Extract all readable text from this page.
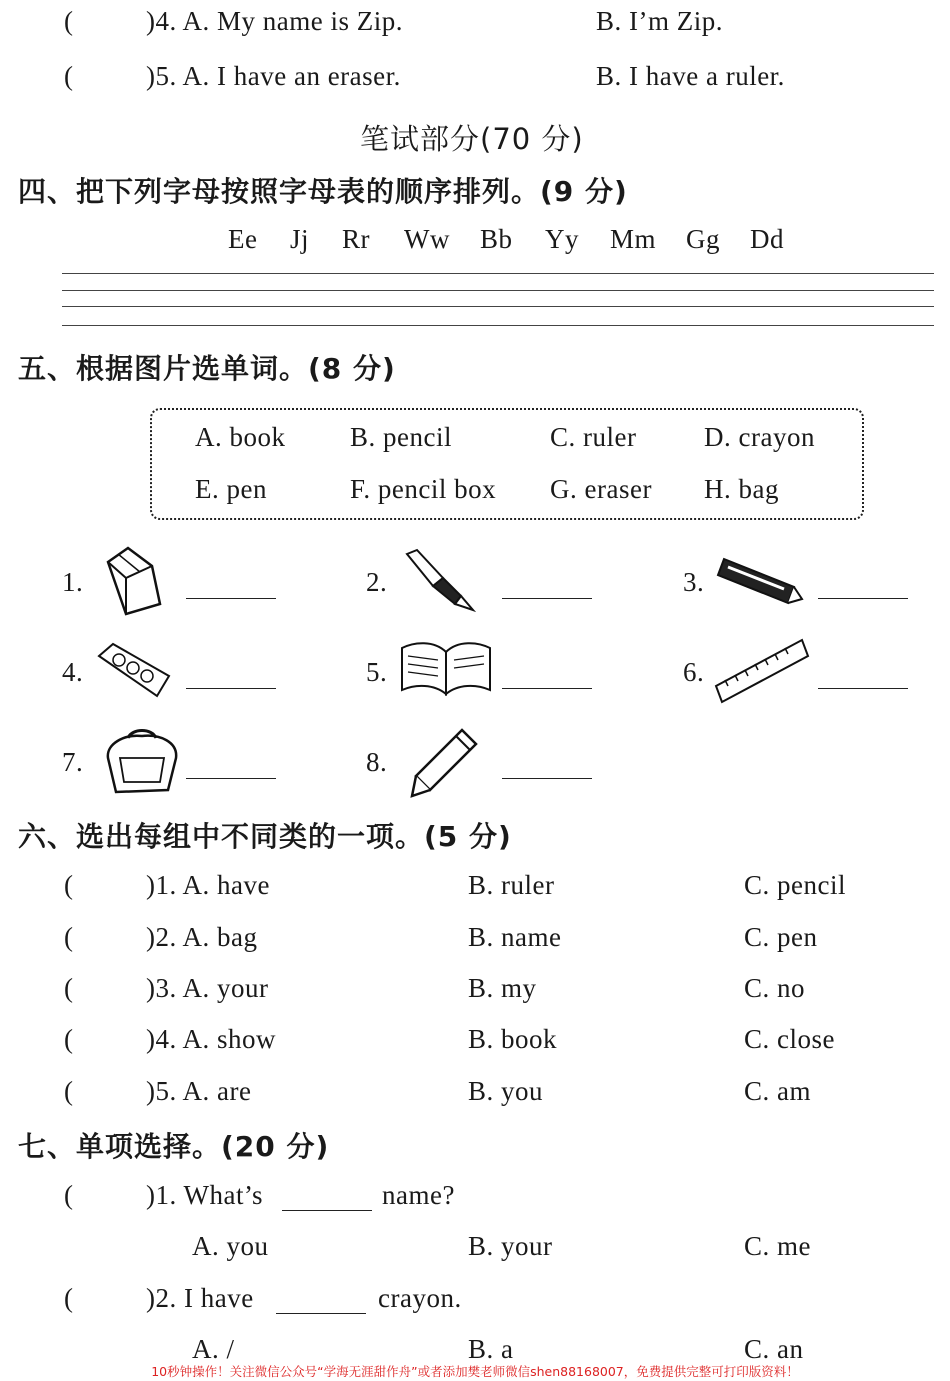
(	)4. A. My name is Zip.	B. I’m Zip.
(	)5. A. I have an eraser.	B. I have a ruler.
笔试部分(70 分)
四、把下列字母按照字母表的顺序排列。(9 分)
Ee Jj Rr Ww Bb Yy Mm Gg Dd
五、根据图片选单词。(8 分)
A. book B. pencil	C. ruler	D. crayon
E. pen	F. pencil box G. eraser H. bag
1.	2.	3.
4.	5.	6.
7.	8.
六、选出每组中不同类的一项。(5 分)
(	)1. A. have	B. ruler	C. pencil
(	)2. A. bag	B. name	C. pen
(	)3. A. your	B. my	C. no
(	)4. A. show	B. book	C. close
(	)5. A. are	B. you	C. am
七、单项选择。(20 分)
(	)1. What’s	name?
A. you	B. your	C. me
(	)2. I have	crayon.
A. /	B. a	C. an
10秒钟操作！关注微信公众号“学海无涯甜作舟”或者添加樊老师微信shen88168007，免费提供完整可打印版资料！
